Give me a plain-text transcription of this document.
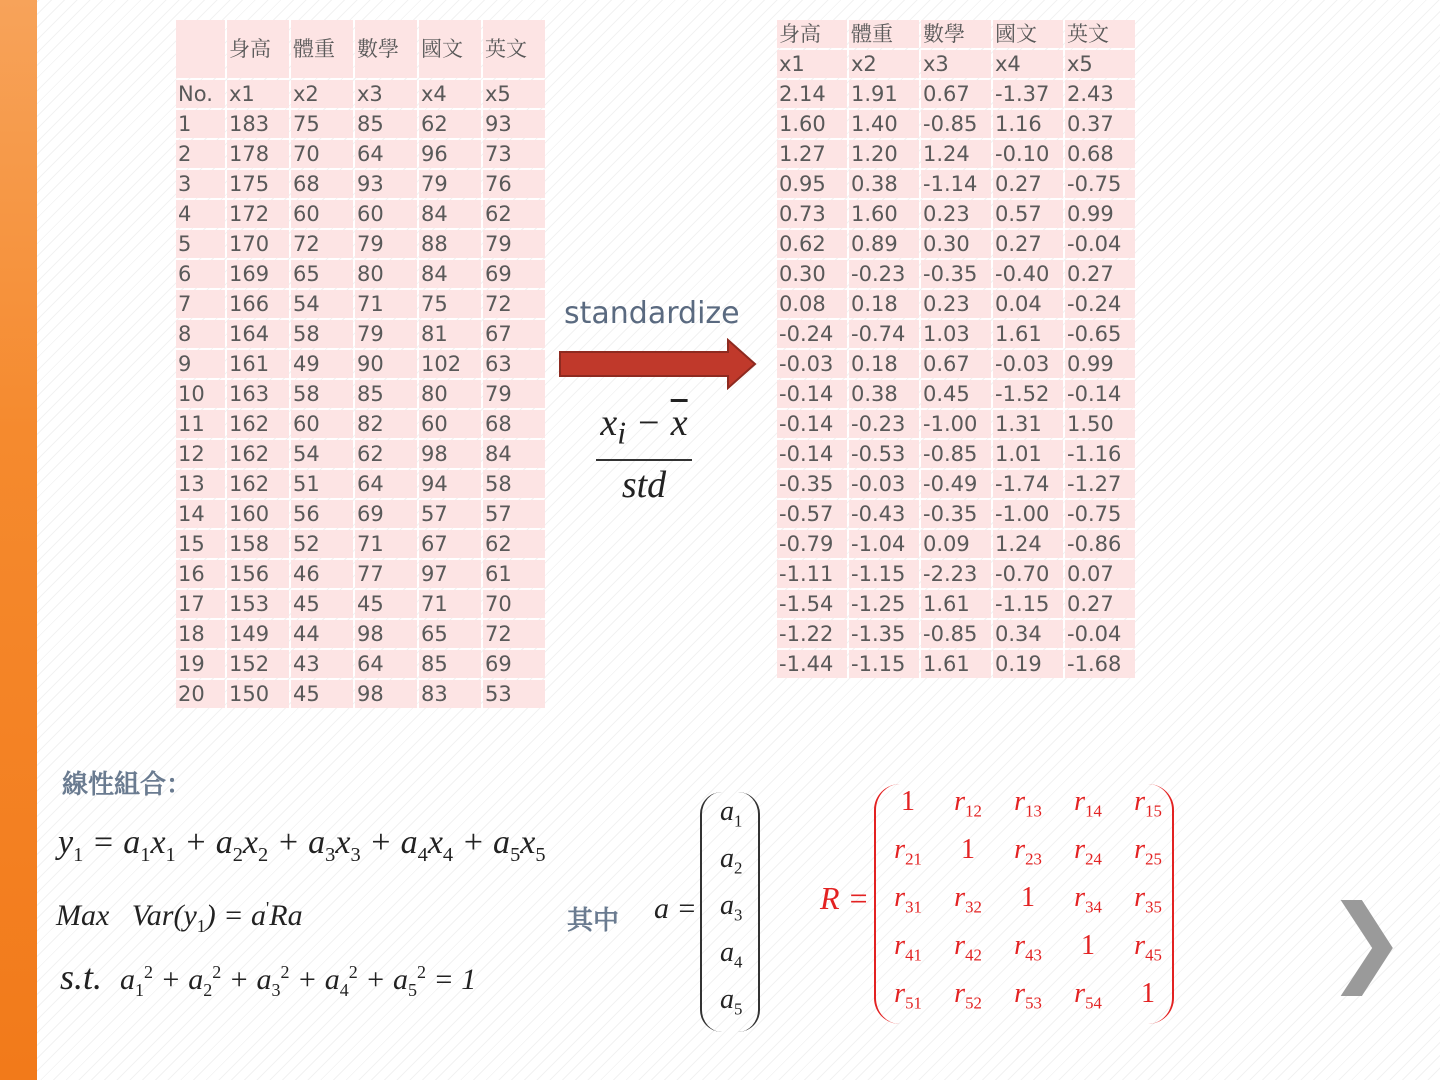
	身高	體重	數學	國文	英文
No.	x1	x2	x3	x4	x5
1	183	75	85	62	93
2	178	70	64	96	73
3	175	68	93	79	76
4	172	60	60	84	62
5	170	72	79	88	79
6	169	65	80	84	69
7	166	54	71	75	72
8	164	58	79	81	67
9	161	49	90	102	63
10	163	58	85	80	79
11	162	60	82	60	68
12	162	54	62	98	84
13	162	51	64	94	58
14	160	56	69	57	57
15	158	52	71	67	62
16	156	46	77	97	61
17	153	45	45	71	70
18	149	44	98	65	72
19	152	43	64	85	69
20	150	45	98	83	53
standardize
$x_i - \overline{x}$
std
身高	體重	數學	國文	英文
x1	x2	x3	x4	x5
2.14	1.91	0.67	-1.37	2.43
1.60	1.40	-0.85	1.16	0.37
1.27	1.20	1.24	-0.10	0.68
0.95	0.38	-1.14	0.27	-0.75
0.73	1.60	0.23	0.57	0.99
0.62	0.89	0.30	0.27	-0.04
0.30	-0.23	-0.35	-0.40	0.27
0.08	0.18	0.23	0.04	-0.24
-0.24	-0.74	1.03	1.61	-0.65
-0.03	0.18	0.67	-0.03	0.99
-0.14	0.38	0.45	-1.52	-0.14
-0.14	-0.23	-1.00	1.31	1.50
-0.14	-0.53	-0.85	1.01	-1.16
-0.35	-0.03	-0.49	-1.74	-1.27
-0.57	-0.43	-0.35	-1.00	-0.75
-0.79	-1.04	0.09	1.24	-0.86
-1.11	-1.15	-2.23	-0.70	0.07
-1.54	-1.25	1.61	-1.15	0.27
-1.22	-1.35	-0.85	0.34	-0.04
-1.44	-1.15	1.61	0.19	-1.68
線性組合：
$y_1 = a_1x_1 + a_2x_2 + a_3x_3 + a_4x_4 + a_5x_5$
Max   $Var(y_1) = a'Ra$
s.t.  $a_1^2 + a_2^2 + a_3^2 + a_4^2 + a_5^2 = 1$
其中 a =
$a_1$
$a_2$
$a_3$
$a_4$
$a_5$
R =
1	$r_{12}$	$r_{13}$	$r_{14}$	$r_{15}$
$r_{21}$	1	$r_{23}$	$r_{24}$	$r_{25}$
$r_{31}$	$r_{32}$	1	$r_{34}$	$r_{35}$
$r_{41}$	$r_{42}$	$r_{43}$	1	$r_{45}$
$r_{51}$	$r_{52}$	$r_{53}$	$r_{54}$	1 ❯
